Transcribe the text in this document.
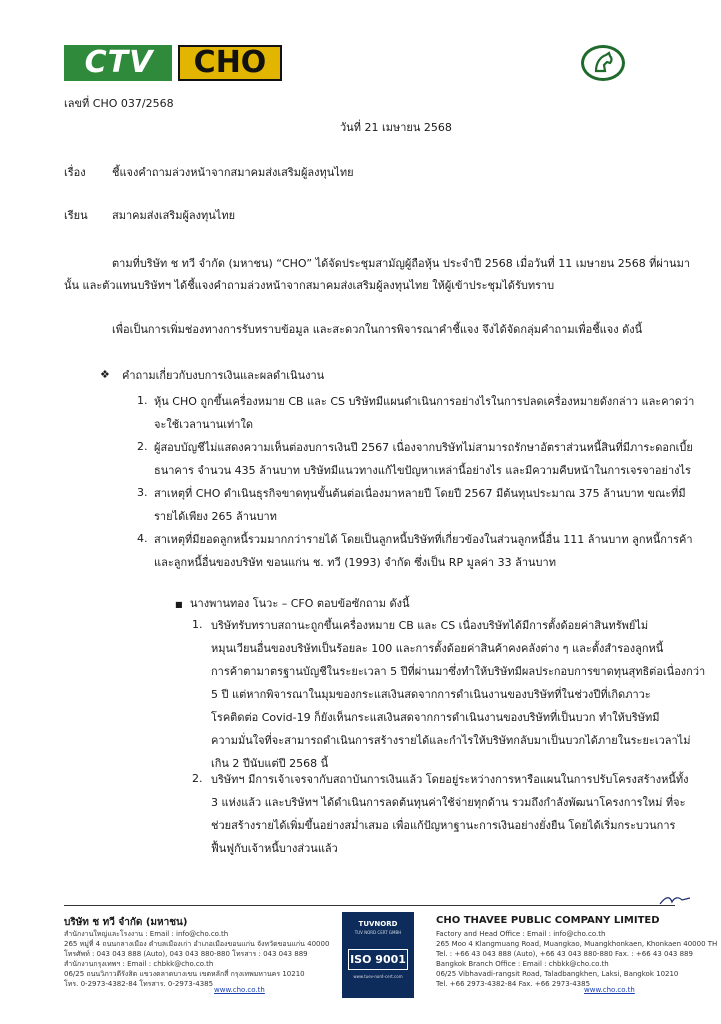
CTV	CHO
เลขที่ CHO 037/2568
วันที่ 21 เมษายน 2568
เรื่อง ชี้แจงคำถามล่วงหน้าจากสมาคมส่งเสริมผู้ลงทุนไทย
เรียน สมาคมส่งเสริมผู้ลงทุนไทย
ตามที่บริษัท ช ทวี จำกัด (มหาชน) “CHO” ได้จัดประชุมสามัญผู้ถือหุ้น ประจำปี 2568 เมื่อวันที่ 11 เมษายน 2568 ที่ผ่านมา
นั้น และตัวแทนบริษัทฯ ได้ชี้แจงคำถามล่วงหน้าจากสมาคมส่งเสริมผู้ลงทุนไทย ให้ผู้เข้าประชุมได้รับทราบ
เพื่อเป็นการเพิ่มช่องทางการรับทราบข้อมูล และสะดวกในการพิจารณาคำชี้แจง จึงได้จัดกลุ่มคำถามเพื่อชี้แจง ดังนี้
❖ คำถามเกี่ยวกับงบการเงินและผลดำเนินงาน
1. หุ้น CHO ถูกขึ้นเครื่องหมาย CB และ CS บริษัทมีแผนดำเนินการอย่างไรในการปลดเครื่องหมายดังกล่าว และคาดว่า
จะใช้เวลานานเท่าใด
2. ผู้สอบบัญชีไม่แสดงความเห็นต่องบการเงินปี 2567 เนื่องจากบริษัทไม่สามารถรักษาอัตราส่วนหนี้สินที่มีภาระดอกเบี้ย
ธนาคาร จำนวน 435 ล้านบาท บริษัทมีแนวทางแก้ไขปัญหาเหล่านี้อย่างไร และมีความคืบหน้าในการเจรจาอย่างไร
3. สาเหตุที่ CHO ดำเนินธุรกิจขาดทุนขั้นต้นต่อเนื่องมาหลายปี โดยปี 2567 มีต้นทุนประมาณ 375 ล้านบาท ขณะที่มี
รายได้เพียง 265 ล้านบาท
4. สาเหตุที่มียอดลูกหนี้รวมมากกว่ารายได้ โดยเป็นลูกหนี้บริษัทที่เกี่ยวข้องในส่วนลูกหนี้อื่น 111 ล้านบาท ลูกหนี้การค้า
และลูกหนี้อื่นของบริษัท ขอนแก่น ช. ทวี (1993) จำกัด ซึ่งเป็น RP มูลค่า 33 ล้านบาท
■ นางพานทอง โนวะ – CFO ตอบข้อซักถาม ดังนี้
1. บริษัทรับทราบสถานะถูกขึ้นเครื่องหมาย CB และ CS เนื่องบริษัทได้มีการตั้งด้อยค่าสินทรัพย์ไม่
หมุนเวียนอื่นของบริษัทเป็นร้อยละ 100 และการตั้งด้อยค่าสินค้าคงคลังต่าง ๆ และตั้งสำรองลูกหนี้
การค้าตามาตรฐานบัญชีในระยะเวลา 5 ปีที่ผ่านมาซึ่งทำให้บริษัทมีผลประกอบการขาดทุนสุทธิต่อเนื่องกว่า
5 ปี แต่หากพิจารณาในมุมของกระแสเงินสดจากการดำเนินงานของบริษัทที่ในช่วงปีที่เกิดภาวะ
โรคติดต่อ Covid-19 ก็ยังเห็นกระแสเงินสดจากการดำเนินงานของบริษัทที่เป็นบวก ทำให้บริษัทมี
ความมั่นใจที่จะสามารถดำเนินการสร้างรายได้และกำไรให้บริษัทกลับมาเป็นบวกได้ภายในระยะเวลาไม่
เกิน 2 ปีนับแต่ปี 2568 นี้
2. บริษัทฯ มีการเจ้าเจรจากับสถาบันการเงินแล้ว โดยอยู่ระหว่างการหารือแผนในการปรับโครงสร้างหนี้ทั้ง
3 แห่งแล้ว และบริษัทฯ ได้ดำเนินการลดต้นทุนค่าใช้จ่ายทุกด้าน รวมถึงกำลังพัฒนาโครงการใหม่ ที่จะ
ช่วยสร้างรายได้เพิ่มขึ้นอย่างสม่ำเสมอ เพื่อแก้ปัญหาฐานะการเงินอย่างยั่งยืน โดยได้เริ่มกระบวนการ
ฟื้นฟูกับเจ้าหนี้บางส่วนแล้ว
บริษัท ช ทวี จำกัด (มหาชน)
สำนักงานใหญ่และโรงงาน : Email : info@cho.co.th
265 หมู่ที่ 4 ถนนกลางเมือง ตำบลเมืองเก่า อำเภอเมืองขอนแก่น จังหวัดขอนแก่น 40000
โทรศัพท์ : 043 043 888 (Auto), 043 043 880-880 โทรสาร : 043 043 889
สำนักงานกรุงเทพฯ : Email : chbkk@cho.co.th
06/25 ถนนวิภาวดีรังสิต แขวงตลาดบางเขน เขตหลักสี่ กรุงเทพมหานคร 10210
โทร. 0-2973-4382-84 โทรสาร. 0-2973-4385
www.cho.co.th
TUVNORD
TUV NORD CERT GMBH
ISO 9001
www.tuev-nord-cert.com
CHO THAVEE PUBLIC COMPANY LIMITED
Factory and Head Office : Email : info@cho.co.th
265 Moo 4 Klangmuang Road, Muangkao, Muangkhonkaen, Khonkaen 40000 TH
Tel. : +66 43 043 888 (Auto), +66 43 043 880-880 Fax. : +66 43 043 889
Bangkok Branch Office : Email : chbkk@cho.co.th
06/25 Vibhavadi-rangsit Road, Taladbangkhen, Laksi, Bangkok 10210
Tel. +66 2973-4382-84 Fax. +66 2973-4385
www.cho.co.th
